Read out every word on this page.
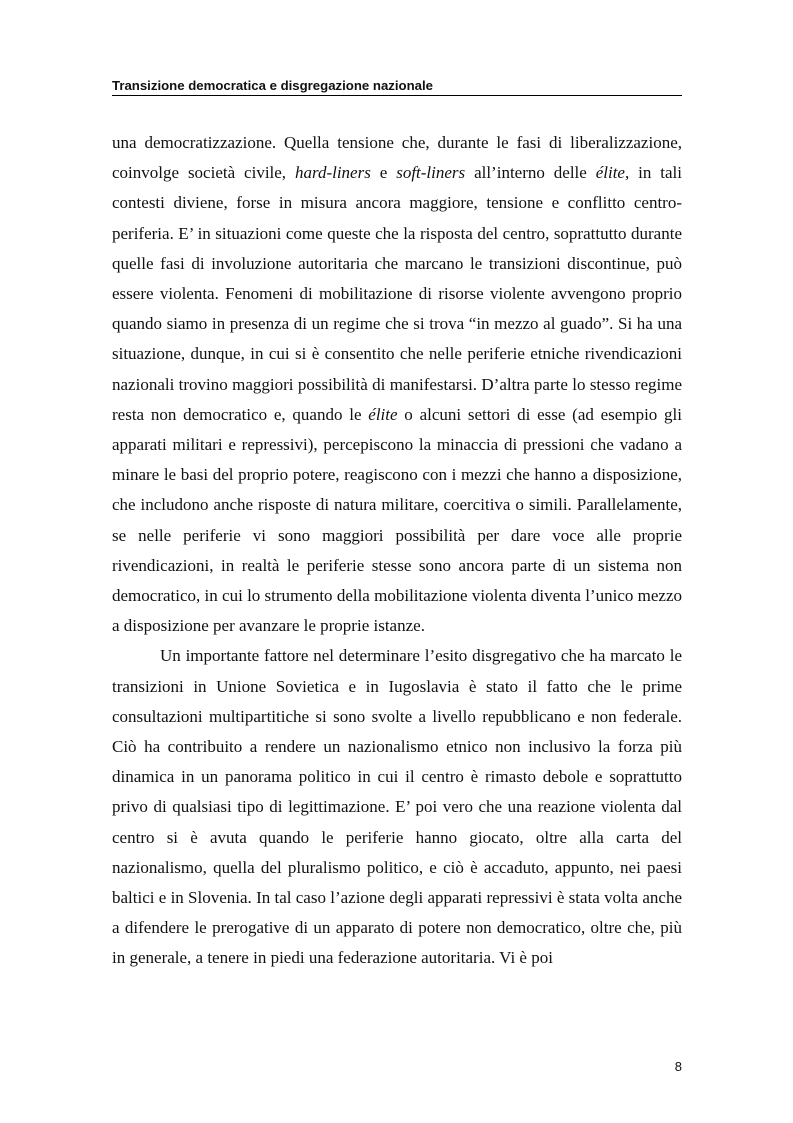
Transizione democratica e disgregazione nazionale

una democratizzazione. Quella tensione che, durante le fasi di liberalizzazione, coinvolge società civile, hard-liners e soft-liners all’interno delle élite, in tali contesti diviene, forse in misura ancora maggiore, tensione e conflitto centro-periferia. E’ in situazioni come queste che la risposta del centro, soprattutto durante quelle fasi di involuzione autoritaria che marcano le transizioni discontinue, può essere violenta. Fenomeni di mobilitazione di risorse violente avvengono proprio quando siamo in presenza di un regime che si trova “in mezzo al guado”. Si ha una situazione, dunque, in cui si è consentito che nelle periferie etniche rivendicazioni nazionali trovino maggiori possibilità di manifestarsi. D’altra parte lo stesso regime resta non democratico e, quando le élite o alcuni settori di esse (ad esempio gli apparati militari e repressivi), percepiscono la minaccia di pressioni che vadano a minare le basi del proprio potere, reagiscono con i mezzi che hanno a disposizione, che includono anche risposte di natura militare, coercitiva o simili. Parallelamente, se nelle periferie vi sono maggiori possibilità per dare voce alle proprie rivendicazioni, in realtà le periferie stesse sono ancora parte di un sistema non democratico, in cui lo strumento della mobilitazione violenta diventa l’unico mezzo a disposizione per avanzare le proprie istanze.

Un importante fattore nel determinare l’esito disgregativo che ha marcato le transizioni in Unione Sovietica e in Iugoslavia è stato il fatto che le prime consultazioni multipartitiche si sono svolte a livello repubblicano e non federale. Ciò ha contribuito a rendere un nazionalismo etnico non inclusivo la forza più dinamica in un panorama politico in cui il centro è rimasto debole e soprattutto privo di qualsiasi tipo di legittimazione. E’ poi vero che una reazione violenta dal centro si è avuta quando le periferie hanno giocato, oltre alla carta del nazionalismo, quella del pluralismo politico, e ciò è accaduto, appunto, nei paesi baltici e in Slovenia. In tal caso l’azione degli apparati repressivi è stata volta anche a difendere le prerogative di un apparato di potere non democratico, oltre che, più in generale, a tenere in piedi una federazione autoritaria. Vi è poi

8
